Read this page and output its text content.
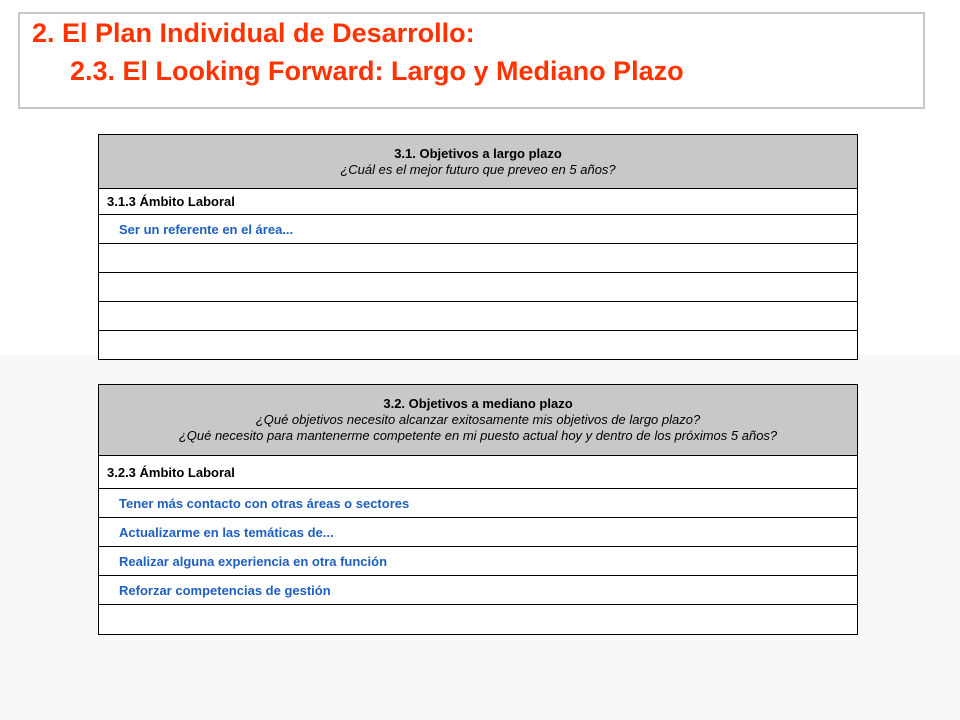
2. El Plan Individual de Desarrollo:
2.3. El Looking Forward: Largo y Mediano Plazo
3.1. Objetivos a largo plazo
¿Cuál es el mejor futuro que preveo en 5 años?

3.1.3 Ámbito Laboral
Ser un referente en el área...

3.2. Objetivos a mediano plazo
¿Qué objetivos necesito alcanzar exitosamente mis objetivos de largo plazo?
¿Qué necesito para mantenerme competente en mi puesto actual hoy y dentro de los próximos 5 años?

3.2.3 Ámbito Laboral
Tener más contacto con otras áreas o sectores
Actualizarme en las temáticas de...
Realizar alguna experiencia en otra función
Reforzar competencias de gestión
